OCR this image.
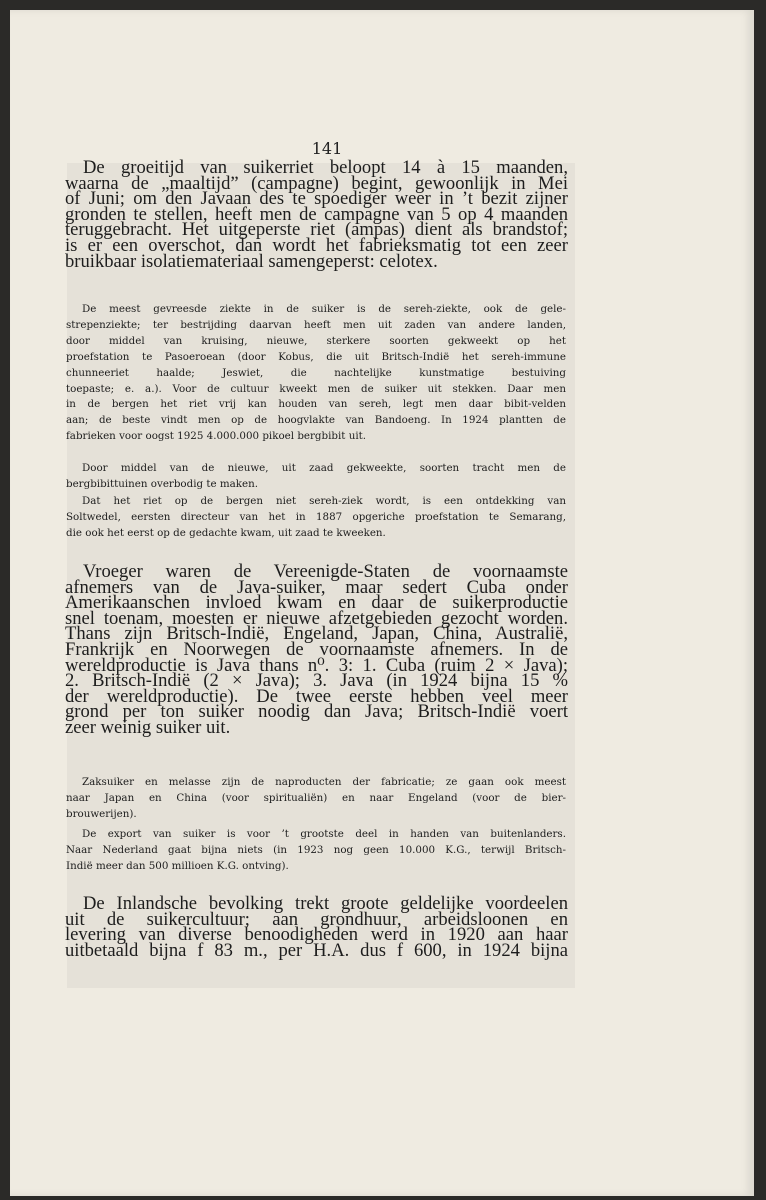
141
De groeitijd van suikerriet beloopt 14 à 15 maanden,
waarna de „maaltijd” (campagne) begint, gewoonlijk in Mei
of Juni; om den Javaan des te spoediger weer in ’t bezit zijner
gronden te stellen, heeft men de campagne van 5 op 4 maanden
teruggebracht. Het uitgeperste riet (ampas) dient als brandstof;
is er een overschot, dan wordt het fabrieksmatig tot een zeer
bruikbaar isolatiemateriaal samengeperst: celotex.
De meest gevreesde ziekte in de suiker is de sereh-ziekte, ook de gele-
strepenziekte; ter bestrijding daarvan heeft men uit zaden van andere landen,
door middel van kruising, nieuwe, sterkere soorten gekweekt op het
proefstation te Pasoeroean (door Kobus, die uit Britsch-Indië het sereh-immune
chunneeriet haalde; Jeswiet, die nachtelijke kunstmatige bestuiving
toepaste; e. a.). Voor de cultuur kweekt men de suiker uit stekken. Daar men
in de bergen het riet vrij kan houden van sereh, legt men daar bibit-velden
aan; de beste vindt men op de hoogvlakte van Bandoeng. In 1924 plantten de
fabrieken voor oogst 1925 4.000.000 pikoel bergbibit uit.
Door middel van de nieuwe, uit zaad gekweekte, soorten tracht men de
bergbibittuinen overbodig te maken.
Dat het riet op de bergen niet sereh-ziek wordt, is een ontdekking van
Soltwedel, eersten directeur van het in 1887 opgeriche proefstation te Semarang,
die ook het eerst op de gedachte kwam, uit zaad te kweeken.
Vroeger waren de Vereenigde-Staten de voornaamste
afnemers van de Java-suiker, maar sedert Cuba onder
Amerikaanschen invloed kwam en daar de suikerproductie
snel toenam, moesten er nieuwe afzetgebieden gezocht worden.
Thans zijn Britsch-Indië, Engeland, Japan, China, Australië,
Frankrijk en Noorwegen de voornaamste afnemers. In de
wereldproductie is Java thans n⁰. 3: 1. Cuba (ruim 2 × Java);
2. Britsch-Indië (2 × Java); 3. Java (in 1924 bijna 15 %
der wereldproductie). De twee eerste hebben veel meer
grond per ton suiker noodig dan Java; Britsch-Indië voert
zeer weinig suiker uit.
Zaksuiker en melasse zijn de naproducten der fabricatie; ze gaan ook meest
naar Japan en China (voor spiritualiën) en naar Engeland (voor de bier-
brouwerijen).
De export van suiker is voor ’t grootste deel in handen van buitenlanders.
Naar Nederland gaat bijna niets (in 1923 nog geen 10.000 K.G., terwijl Britsch-
Indië meer dan 500 millioen K.G. ontving).
De Inlandsche bevolking trekt groote geldelijke voordeelen
uit de suikercultuur; aan grondhuur, arbeidsloonen en
levering van diverse benoodigheden werd in 1920 aan haar
uitbetaald bijna f 83 m., per H.A. dus f 600, in 1924 bijna
